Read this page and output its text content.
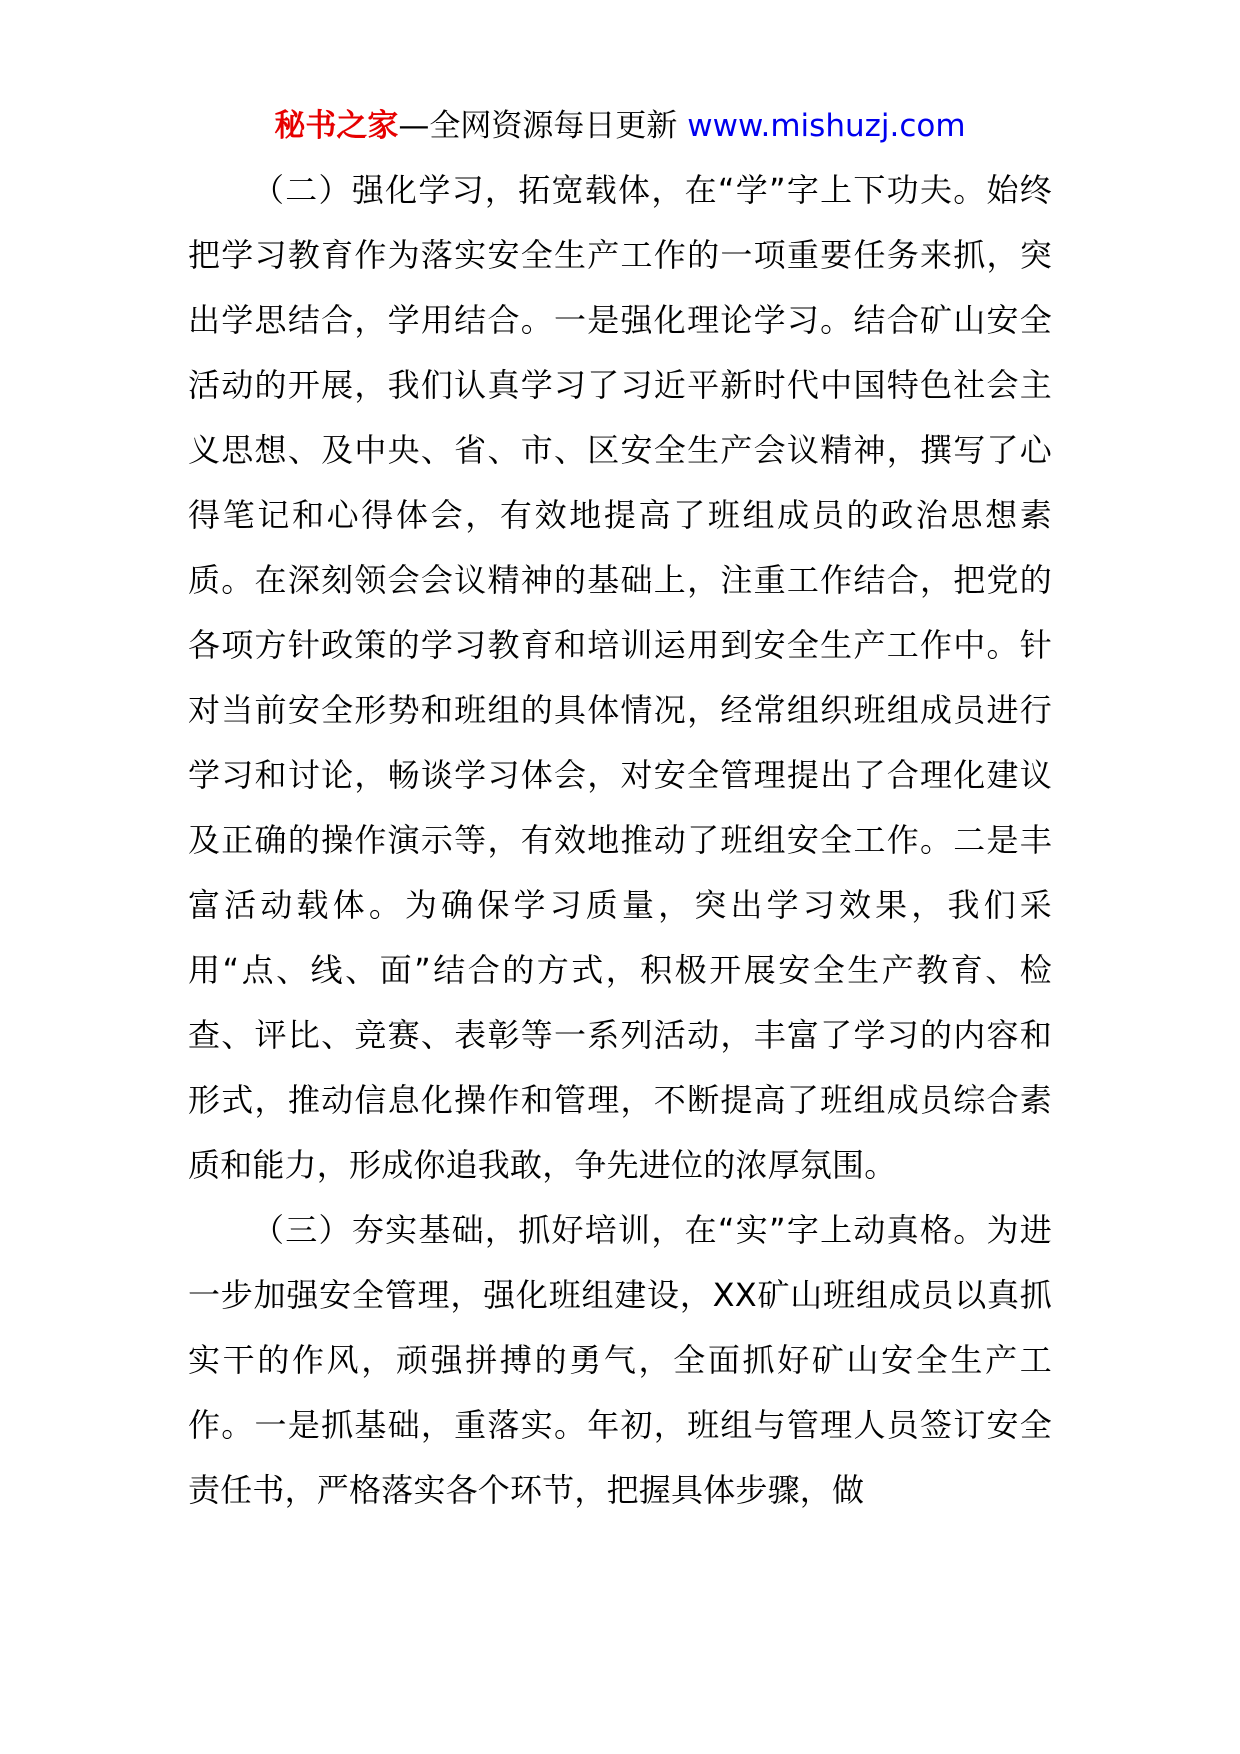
秘书之家—全网资源每日更新 www.mishuzj.com

（二）强化学习，拓宽载体，在“学”字上下功夫。始终把学习教育作为落实安全生产工作的一项重要任务来抓，突出学思结合，学用结合。一是强化理论学习。结合矿山安全活动的开展，我们认真学习了习近平新时代中国特色社会主义思想、及中央、省、市、区安全生产会议精神，撰写了心得笔记和心得体会，有效地提高了班组成员的政治思想素质。在深刻领会会议精神的基础上，注重工作结合，把党的各项方针政策的学习教育和培训运用到安全生产工作中。针对当前安全形势和班组的具体情况，经常组织班组成员进行学习和讨论，畅谈学习体会，对安全管理提出了合理化建议及正确的操作演示等，有效地推动了班组安全工作。二是丰富活动载体。为确保学习质量，突出学习效果，我们采用“点、线、面”结合的方式，积极开展安全生产教育、检查、评比、竞赛、表彰等一系列活动，丰富了学习的内容和形式，推动信息化操作和管理，不断提高了班组成员综合素质和能力，形成你追我敢，争先进位的浓厚氛围。

（三）夯实基础，抓好培训，在“实”字上动真格。为进一步加强安全管理，强化班组建设，XX矿山班组成员以真抓实干的作风，顽强拼搏的勇气，全面抓好矿山安全生产工作。一是抓基础，重落实。年初，班组与管理人员签订安全责任书，严格落实各个环节，把握具体步骤，做
